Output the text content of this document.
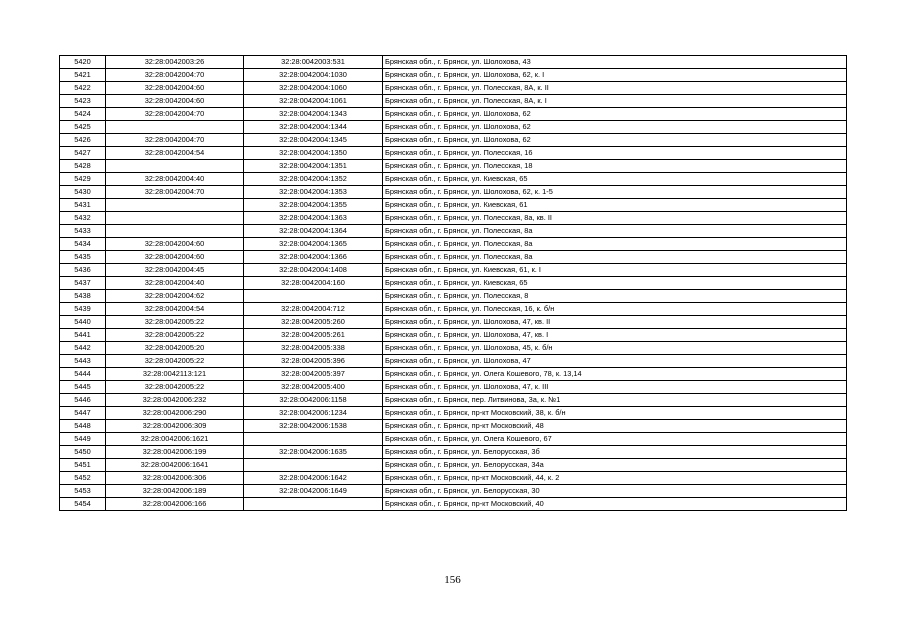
5420	32:28:0042003:26	32:28:0042003:531	Брянская обл., г. Брянск, ул. Шолохова, 43
5421	32:28:0042004:70	32:28:0042004:1030	Брянская обл., г. Брянск, ул. Шолохова, 62, к. I
5422	32:28:0042004:60	32:28:0042004:1060	Брянская обл., г. Брянск, ул. Полесская, 8А, к. II
5423	32:28:0042004:60	32:28:0042004:1061	Брянская обл., г. Брянск, ул. Полесская, 8А, к. I
5424	32:28:0042004:70	32:28:0042004:1343	Брянская обл., г. Брянск, ул. Шолохова, 62
5425		32:28:0042004:1344	Брянская обл., г. Брянск, ул. Шолохова, 62
5426	32:28:0042004:70	32:28:0042004:1345	Брянская обл., г. Брянск, ул. Шолохова, 62
5427	32:28:0042004:54	32:28:0042004:1350	Брянская обл., г. Брянск, ул. Полесская, 16
5428		32:28:0042004:1351	Брянская обл., г. Брянск, ул. Полесская, 18
5429	32:28:0042004:40	32:28:0042004:1352	Брянская обл., г. Брянск, ул. Киевская, 65
5430	32:28:0042004:70	32:28:0042004:1353	Брянская обл., г. Брянск, ул. Шолохова, 62, к. 1-5
5431		32:28:0042004:1355	Брянская обл., г. Брянск, ул. Киевская, 61
5432		32:28:0042004:1363	Брянская обл., г. Брянск, ул. Полесская, 8а, кв. II
5433		32:28:0042004:1364	Брянская обл., г. Брянск, ул. Полесская, 8а
5434	32:28:0042004:60	32:28:0042004:1365	Брянская обл., г. Брянск, ул. Полесская, 8а
5435	32:28:0042004:60	32:28:0042004:1366	Брянская обл., г. Брянск, ул. Полесская, 8а
5436	32:28:0042004:45	32:28:0042004:1408	Брянская обл., г. Брянск, ул. Киевская, 61, к. I
5437	32:28:0042004:40	32:28:0042004:160	Брянская обл., г. Брянск, ул. Киевская, 65
5438	32:28:0042004:62		Брянская обл., г. Брянск, ул. Полесская, 8
5439	32:28:0042004:54	32:28:0042004:712	Брянская обл., г. Брянск, ул. Полесская, 16, к. б/н
5440	32:28:0042005:22	32:28:0042005:260	Брянская обл., г. Брянск, ул. Шолохова, 47, кв. II
5441	32:28:0042005:22	32:28:0042005:261	Брянская обл., г. Брянск, ул. Шолохова, 47, кв. I
5442	32:28:0042005:20	32:28:0042005:338	Брянская обл., г. Брянск, ул. Шолохова, 45, к. б/н
5443	32:28:0042005:22	32:28:0042005:396	Брянская обл., г. Брянск, ул. Шолохова, 47
5444	32:28:0042113:121	32:28:0042005:397	Брянская обл., г. Брянск, ул. Олега Кошевого, 78, к. 13,14
5445	32:28:0042005:22	32:28:0042005:400	Брянская обл., г. Брянск, ул. Шолохова, 47, к. III
5446	32:28:0042006:232	32:28:0042006:1158	Брянская обл., г. Брянск, пер. Литвинова, 3а, к. №1
5447	32:28:0042006:290	32:28:0042006:1234	Брянская обл., г. Брянск, пр-кт Московский, 38, к. б/н
5448	32:28:0042006:309	32:28:0042006:1538	Брянская обл., г. Брянск, пр-кт Московский, 48
5449	32:28:0042006:1621		Брянская обл., г. Брянск, ул. Олега Кошевого, 67
5450	32:28:0042006:199	32:28:0042006:1635	Брянская обл., г. Брянск, ул. Белорусская, 3б
5451	32:28:0042006:1641		Брянская обл., г. Брянск, ул. Белорусская, 34а
5452	32:28:0042006:306	32:28:0042006:1642	Брянская обл., г. Брянск, пр-кт Московский, 44, к. 2
5453	32:28:0042006:189	32:28:0042006:1649	Брянская обл., г. Брянск, ул. Белорусская, 30
5454	32:28:0042006:166		Брянская обл., г. Брянск, пр-кт Московский, 40
156
